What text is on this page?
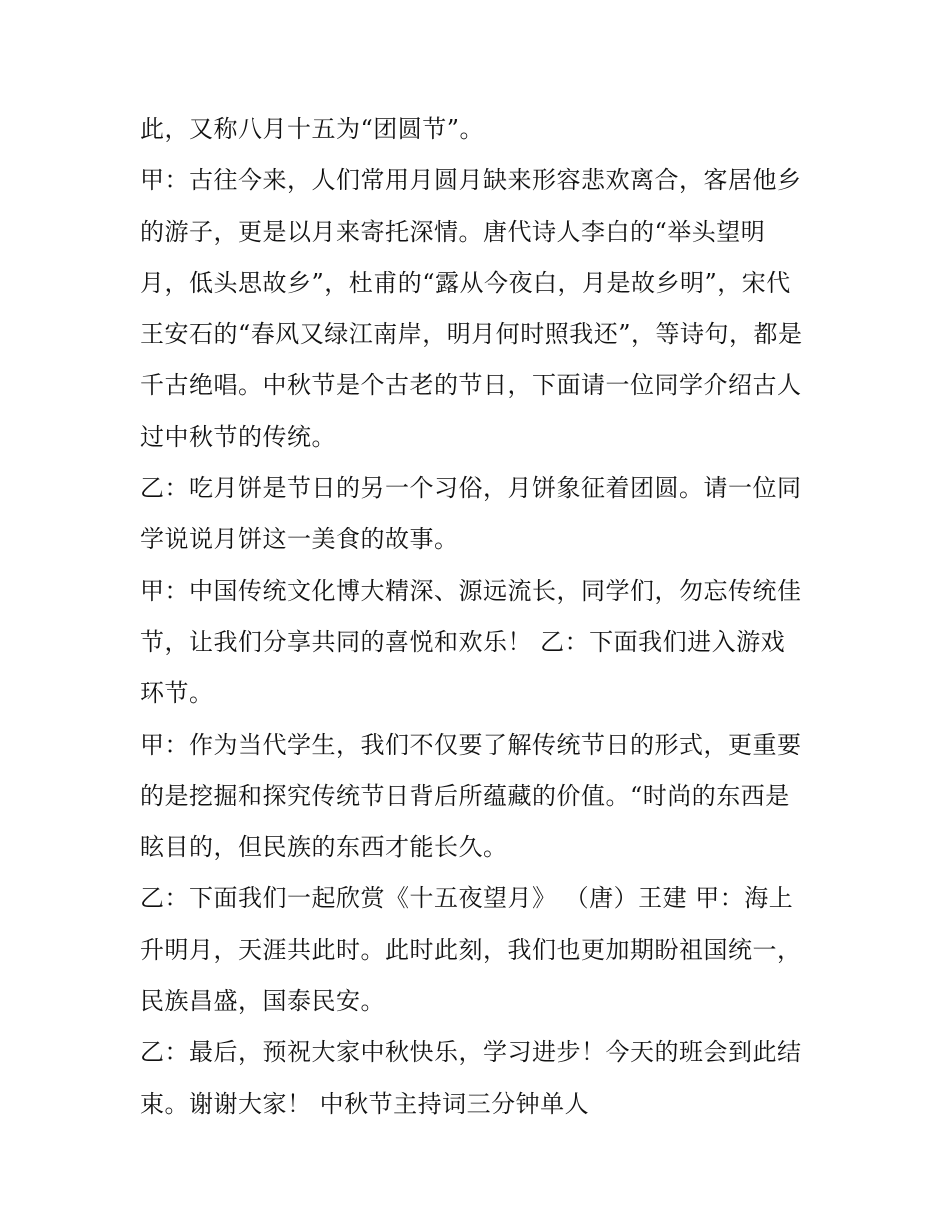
此，又称八月十五为“团圆节”。
甲：古往今来，人们常用月圆月缺来形容悲欢离合，客居他乡
的游子，更是以月来寄托深情。唐代诗人李白的“举头望明
月，低头思故乡”，杜甫的“露从今夜白，月是故乡明”，宋代
王安石的“春风又绿江南岸，明月何时照我还”，等诗句，都是
千古绝唱。中秋节是个古老的节日，下面请一位同学介绍古人
过中秋节的传统。
乙：吃月饼是节日的另一个习俗，月饼象征着团圆。请一位同
学说说月饼这一美食的故事。
甲：中国传统文化博大精深、源远流长，同学们，勿忘传统佳
节，让我们分享共同的喜悦和欢乐！ 乙：下面我们进入游戏
环节。
甲：作为当代学生，我们不仅要了解传统节日的形式，更重要
的是挖掘和探究传统节日背后所蕴藏的价值。“时尚的东西是
眩目的，但民族的东西才能长久。
乙：下面我们一起欣赏《十五夜望月》 （唐）王建 甲：海上
升明月，天涯共此时。此时此刻，我们也更加期盼祖国统一，
民族昌盛，国泰民安。
乙：最后，预祝大家中秋快乐，学习进步！今天的班会到此结
束。谢谢大家！ 中秋节主持词三分钟单人
